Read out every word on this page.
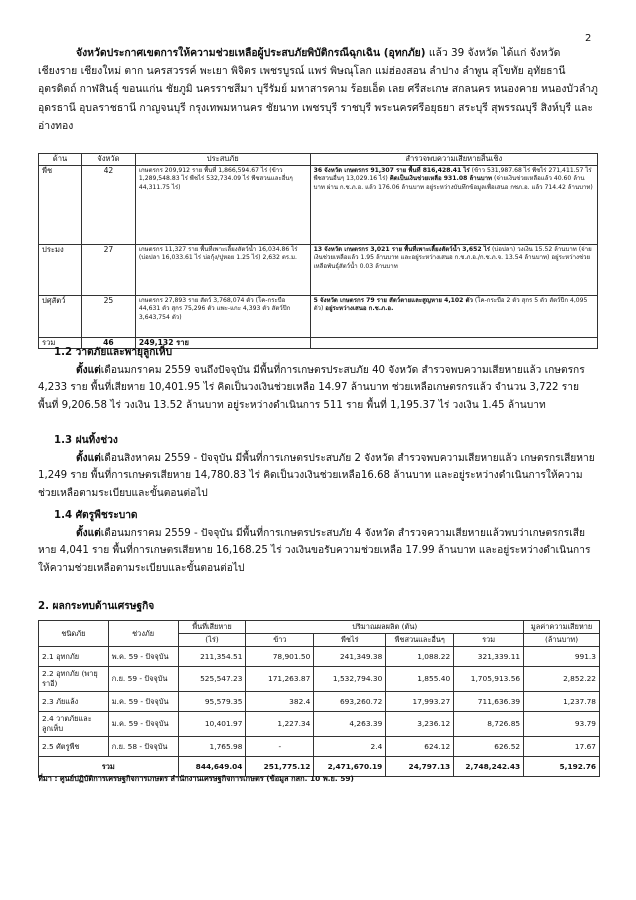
2
จังหวัดประกาศเขตการให้ความช่วยเหลือผู้ประสบภัยพิบัติกรณีฉุกเฉิน (อุทกภัย) แล้ว 39 จังหวัด ได้แก่ จังหวัดเชียงราย เชียงใหม่ ตาก นครสวรรค์ พะเยา พิจิตร เพชรบูรณ์ แพร่ พิษณุโลก แม่ฮ่องสอน ลำปาง ลำพูน สุโขทัย อุทัยธานี อุตรดิตถ์ กาฬสินธุ์ ขอนแก่น ชัยภูมิ นครราชสีมา บุรีรัมย์ มหาสารคาม ร้อยเอ็ด เลย ศรีสะเกษ สกลนคร หนองคาย หนองบัวลำภู อุดรธานี อุบลราชธานี กาญจนบุรี กรุงเทพมหานคร ชัยนาท เพชรบุรี ราชบุรี พระนครศรีอยุธยา สระบุรี สุพรรณบุรี สิงห์บุรี และอ่างทอง
ด้าน	จังหวัด	ประสบภัย	สำรวจพบความเสียหายสิ้นเชิง
พืช	42	เกษตรกร 209,912 ราย พื้นที่ 1,866,594.67 ไร่ (ข้าว 1,289,548.83 ไร่ พืชไร่ 532,734.09 ไร่ พืชสวนและอื่นๆ 44,311.75 ไร่)	36 จังหวัด เกษตรกร 91,307 ราย พื้นที่ 816,428.41 ไร่ (ข้าว 531,987.68 ไร่ พืชไร่ 271,411.57 ไร่ พืชสวนอื่นๆ 13,029.16 ไร่) คิดเป็นเงินช่วยเหลือ 931.08 ล้านบาท (จ่ายเงินช่วยเหลือแล้ว 40.60 ล้านบาท ผ่าน ก.ช.ภ.อ. แล้ว 176.06 ล้านบาท อยู่ระหว่างบันทึกข้อมูลเพื่อเสนอ กชภ.อ. แล้ว 714.42 ล้านบาท)
ประมง	27	เกษตรกร 11,327 ราย พื้นที่เพาะเลี้ยงสัตว์น้ำ 16,034.86 ไร่ (บ่อปลา 16,033.61 ไร่ บ่อกุ้ง/ปูหอย 1.25 ไร่) 2,632 ตร.ม.	13 จังหวัด เกษตรกร 3,021 ราย พื้นที่เพาะเลี้ยงสัตว์น้ำ 3,652 ไร่ (บ่อปลา) วงเงิน 15.52 ล้านบาท (จ่ายเงินช่วยเหลือแล้ว 1.95 ล้านบาท และอยู่ระหว่างเสนอ ก.ช.ภ.อ./ก.ช.ภ.จ. 13.54 ล้านบาท) อยู่ระหว่างช่วยเหลือพันธุ์สัตว์น้ำ 0.03 ล้านบาท
ปศุสัตว์	25	เกษตรกร 27,893 ราย สัตว์ 3,768,074 ตัว (โค-กระบือ 44,631 ตัว สุกร 75,296 ตัว แพะ-แกะ 4,393 ตัว สัตว์ปีก 3,643,754 ตัว)	5 จังหวัด เกษตรกร 79 ราย สัตว์ตายและสูญหาย 4,102 ตัว (โค-กระบือ 2 ตัว สุกร 5 ตัว สัตว์ปีก 4,095 ตัว) อยู่ระหว่างเสนอ ก.ช.ภ.อ.
รวม	46	249,132 ราย	
1.2 วาตภัยและพายุลูกเห็บ
ตั้งแต่เดือนมกราคม 2559 จนถึงปัจจุบัน มีพื้นที่การเกษตรประสบภัย 40 จังหวัด สำรวจพบความเสียหายแล้ว เกษตรกร 4,233 ราย พื้นที่เสียหาย 10,401.95 ไร่ คิดเป็นวงเงินช่วยเหลือ 14.97 ล้านบาท ช่วยเหลือเกษตรกรแล้ว จำนวน 3,722 ราย พื้นที่ 9,206.58 ไร่ วงเงิน 13.52 ล้านบาท อยู่ระหว่างดำเนินการ 511 ราย พื้นที่ 1,195.37 ไร่ วงเงิน 1.45 ล้านบาท
1.3 ฝนทิ้งช่วง
ตั้งแต่เดือนสิงหาคม 2559 - ปัจจุบัน มีพื้นที่การเกษตรประสบภัย 2 จังหวัด สำรวจพบความเสียหายแล้ว เกษตรกรเสียหาย 1,249 ราย พื้นที่การเกษตรเสียหาย 14,780.83 ไร่ คิดเป็นวงเงินช่วยเหลือ16.68 ล้านบาท และอยู่ระหว่างดำเนินการให้ความช่วยเหลือตามระเบียบและขั้นตอนต่อไป
1.4 ศัตรูพืชระบาด
ตั้งแต่เดือนมกราคม 2559 - ปัจจุบัน มีพื้นที่การเกษตรประสบภัย 4 จังหวัด สำรวจความเสียหายแล้วพบว่าเกษตรกรเสียหาย 4,041 ราย พื้นที่การเกษตรเสียหาย 16,168.25 ไร่ วงเงินขอรับความช่วยเหลือ 17.99 ล้านบาท และอยู่ระหว่างดำเนินการให้ความช่วยเหลือตามระเบียบและขั้นตอนต่อไป
2. ผลกระทบด้านเศรษฐกิจ
ชนิดภัย	ช่วงภัย	พื้นที่เสียหาย	ปริมาณผลผลิต (ตัน)				มูลค่าความเสียหาย
		(ไร่)	ข้าว	พืชไร่	พืชสวนและอื่นๆ	รวม	(ล้านบาท)
2.1 อุทกภัย	พ.ค. 59 - ปัจจุบัน	211,354.51	78,901.50	241,349.38	1,088.22	321,339.11	991.3
2.2 อุทกภัย (พายุราอี)	ก.ย. 59 - ปัจจุบัน	525,547.23	171,263.87	1,532,794.30	1,855.40	1,705,913.56	2,852.22
2.3 ภัยแล้ง	ม.ค. 59 - ปัจจุบัน	95,579.35	382.4	693,260.72	17,993.27	711,636.39	1,237.78
2.4 วาตภัยและลูกเห็บ	ม.ค. 59 - ปัจจุบัน	10,401.97	1,227.34	4,263.39	3,236.12	8,726.85	93.79
2.5 ศัตรูพืช	ก.ย. 58 - ปัจจุบัน	1,765.98	-	2.4	624.12	626.52	17.67
รวม		844,649.04	251,775.12	2,471,670.19	24,797.13	2,748,242.43	5,192.76
ที่มา : ศูนย์ปฏิบัติการเศรษฐกิจการเกษตร สำนักงานเศรษฐกิจการเกษตร (ข้อมูล กสก. 10 พ.ย. 59)
